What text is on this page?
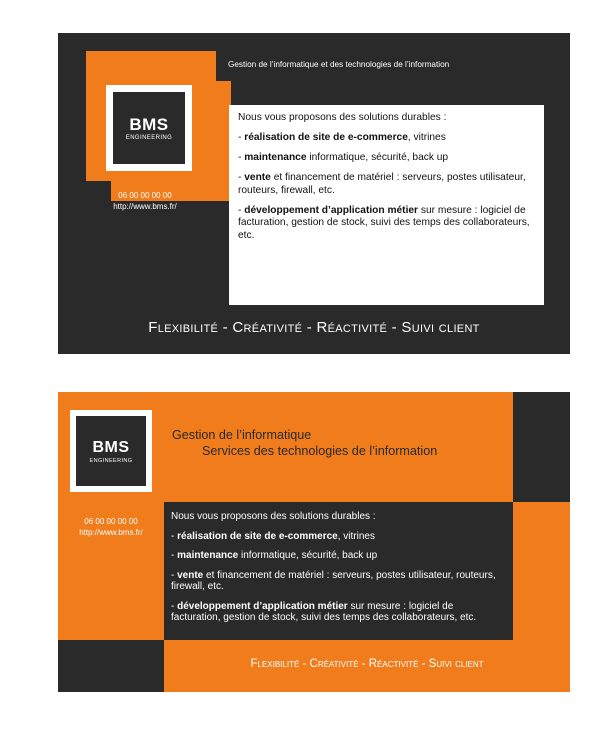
BMS
ENGINEERING
06 00 00 00 00
http://www.bms.fr/
Gestion de l’informatique et des technologies de l’information

Nous vous proposons des solutions durables :

- réalisation de site de e-commerce, vitrines

- maintenance informatique, sécurité, back up

- vente et financement de matériel : serveurs, postes utilisateur, routeurs, firewall, etc.

- développement d’application métier sur mesure : logiciel de facturation, gestion de stock, suivi des temps des collaborateurs, etc.

Flexibilité - Créativité - Réactivité - Suivi client
BMS
ENGINEERING
Gestion de l’informatique
Services des technologies de l’information
06 00 00 00 00
http://www.bms.fr/

Nous vous proposons des solutions durables :

- réalisation de site de e-commerce, vitrines

- maintenance informatique, sécurité, back up

- vente et financement de matériel : serveurs, postes utilisateur, routeurs, firewall, etc.

- développement d’application métier sur mesure : logiciel de facturation, gestion de stock, suivi des temps des collaborateurs, etc.

Flexibilité - Créativité - Réactivité - Suivi client
